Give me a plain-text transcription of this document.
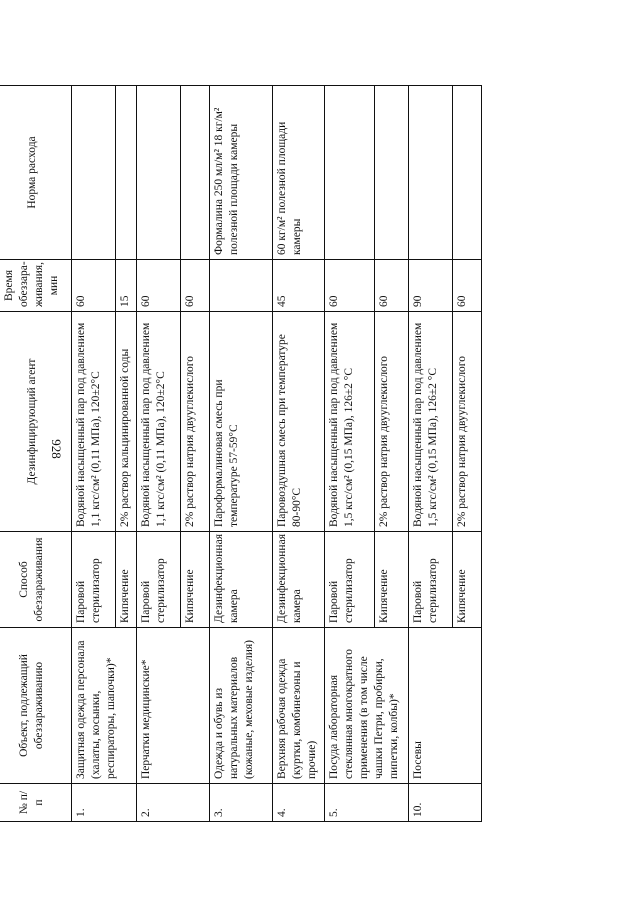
928
№ п/п	Объект, подлежащий обеззараживанию	Способ обеззараживания	Дезинфицирующий агент	Время обеззара-живания, мин	Норма расхода
1.	Защитная одежда персонала (халаты, косынки, респираторы, шапочки)*	Паровой стерилизатор	Водяной насыщенный пар под давлением 1,1 кгс/см² (0,11 МПа), 120±2°С	60	
		Кипячение	2% раствор кальцинированной соды	15	
2.	Перчатки медицинские*	Паровой стерилизатор	Водяной насыщенный пар под давлением 1,1 кгс/см² (0,11 МПа), 120±2°С	60	
		Кипячение	2% раствор натрия двууглекислого	60	
3.	Одежда и обувь из натуральных материалов (кожаные, меховые изделия)	Дезинфекционная камера	Пароформалиновая смесь при температуре 57-59°С		Формалина 250 мл/м² 18 кг/м² полезной площади камеры
4.	Верхняя рабочая одежда (куртки, комбинезоны и прочие)	Дезинфекционная камера	Паровоздушная смесь при температуре 80-90°С	45	60 кг/м² полезной площади камеры
5.	Посуда лабораторная стеклянная многократного применения (в том числе чашки Петри, пробирки, пипетки, колбы)*	Паровой стерилизатор	Водяной насыщенный пар под давлением 1,5 кгс/см² (0,15 МПа), 126±2 °С	60	
		Кипячение	2% раствор натрия двууглекислого	60	
10.	Посевы	Паровой стерилизатор	Водяной насыщенный пар под давлением 1,5 кгс/см² (0,15 МПа), 126±2 °С	90	
		Кипячение	2% раствор натрия двууглекислого	60	
